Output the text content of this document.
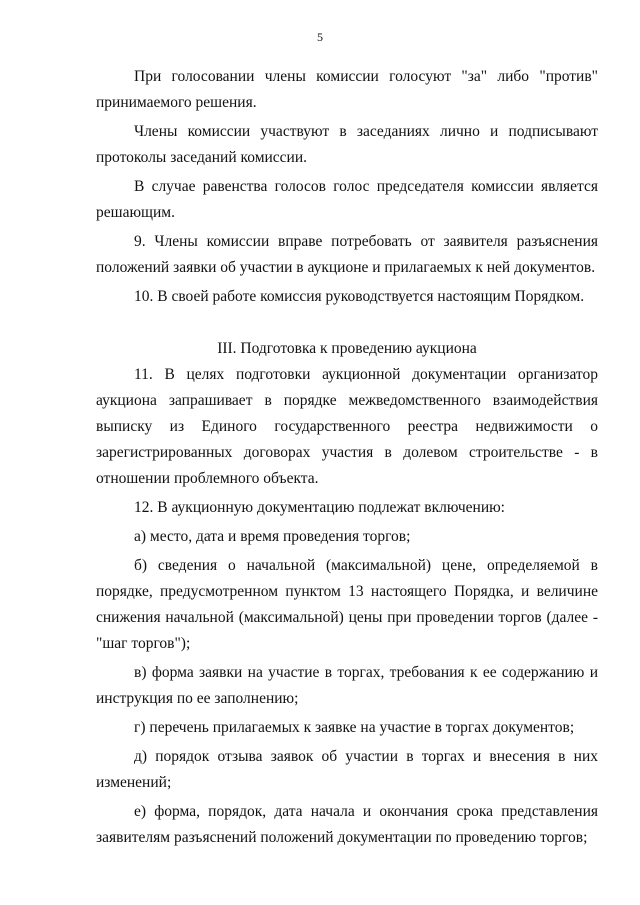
5

При голосовании члены комиссии голосуют "за" либо "против" принимаемого решения.

Члены комиссии участвуют в заседаниях лично и подписывают протоколы заседаний комиссии.

В случае равенства голосов голос председателя комиссии является решающим.

9. Члены комиссии вправе потребовать от заявителя разъяснения положений заявки об участии в аукционе и прилагаемых к ней документов.

10. В своей работе комиссия руководствуется настоящим Порядком.

III. Подготовка к проведению аукциона

11. В целях подготовки аукционной документации организатор аукциона запрашивает в порядке межведомственного взаимодействия выписку из Единого государственного реестра недвижимости о зарегистрированных договорах участия в долевом строительстве - в отношении проблемного объекта.

12. В аукционную документацию подлежат включению:

а) место, дата и время проведения торгов;

б) сведения о начальной (максимальной) цене, определяемой в порядке, предусмотренном пунктом 13 настоящего Порядка, и величине снижения начальной (максимальной) цены при проведении торгов (далее - "шаг торгов");

в) форма заявки на участие в торгах, требования к ее содержанию и инструкция по ее заполнению;

г) перечень прилагаемых к заявке на участие в торгах документов;

д) порядок отзыва заявок об участии в торгах и внесения в них изменений;

е) форма, порядок, дата начала и окончания срока представления заявителям разъяснений положений документации по проведению торгов;
